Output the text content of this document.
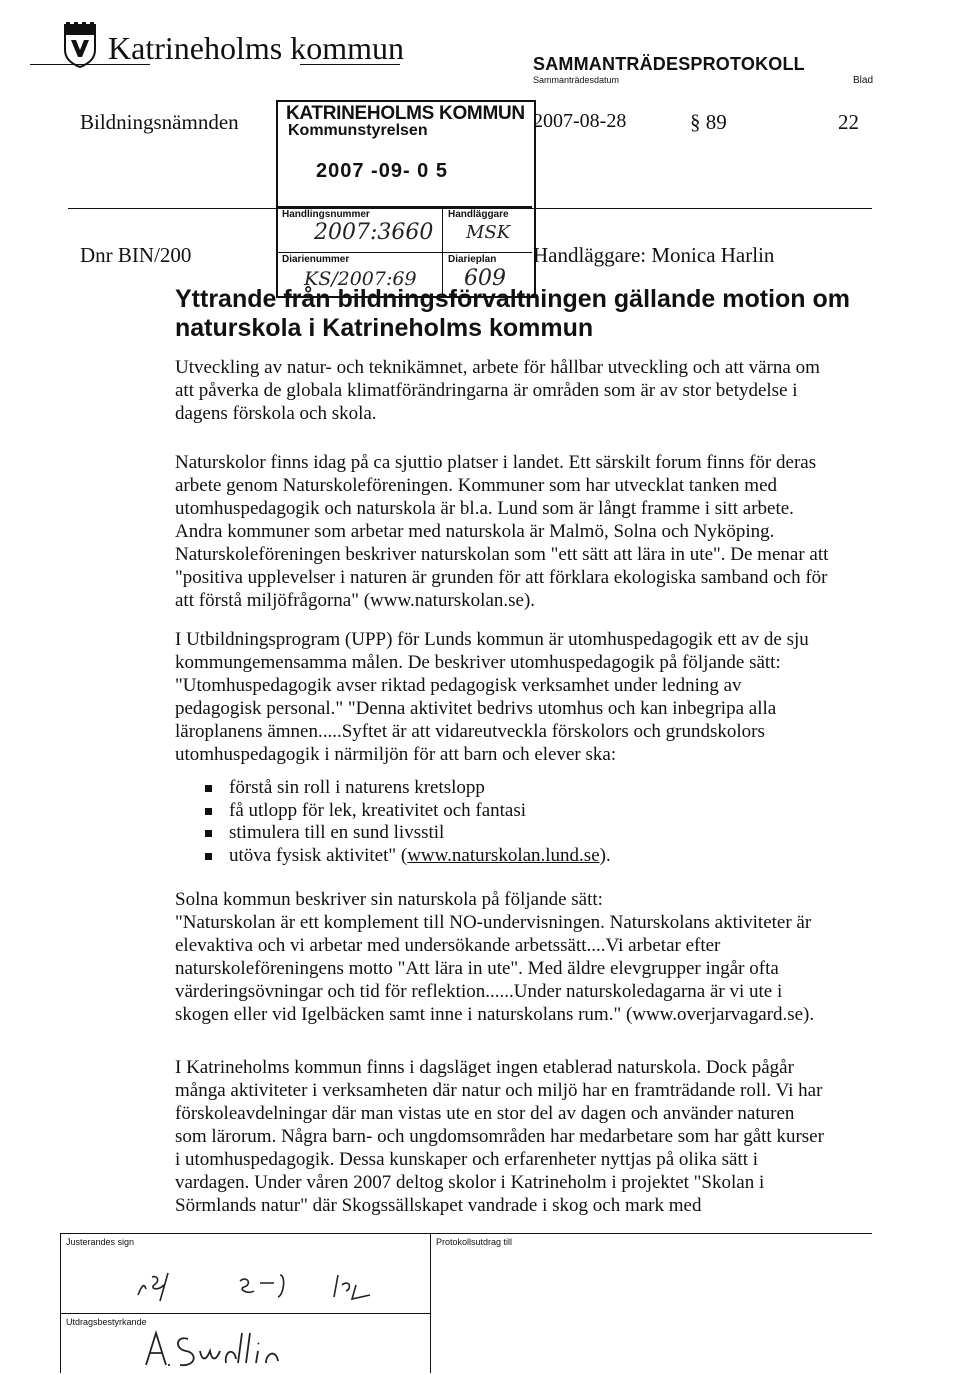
Katrineholms kommun	SAMMANTRÄDESPROTOKOLL
Sammanträdesdatum	Blad
Bildningsnämnden	2007-08-28	§ 89	22
Dnr BIN/200	Handläggare: Monica Harlin
KATRINEHOLMS KOMMUN
Kommunstyrelsen
2007 -09- 0 5
Handlingsnummer
2007:3660
Handläggare
MSK
Diarienummer
KS/2007:69
Diarieplan
609
Yttrande från bildningsförvaltningen gällande motion om naturskola i Katrineholms kommun

Utveckling av natur- och teknikämnet, arbete för hållbar utveckling och att värna om
att påverka de globala klimatförändringarna är områden som är av stor betydelse i
dagens förskola och skola.

Naturskolor finns idag på ca sjuttio platser i landet. Ett särskilt forum finns för deras
arbete genom Naturskoleföreningen. Kommuner som har utvecklat tanken med
utomhuspedagogik och naturskola är bl.a. Lund som är långt framme i sitt arbete.
Andra kommuner som arbetar med naturskola är Malmö, Solna och Nyköping.
Naturskoleföreningen beskriver naturskolan som "ett sätt att lära in ute". De menar att
"positiva upplevelser i naturen är grunden för att förklara ekologiska samband och för
att förstå miljöfrågorna" (www.naturskolan.se).

I Utbildningsprogram (UPP) för Lunds kommun är utomhuspedagogik ett av de sju
kommungemensamma målen. De beskriver utomhuspedagogik på följande sätt:
"Utomhuspedagogik avser riktad pedagogisk verksamhet under ledning av
pedagogisk personal." "Denna aktivitet bedrivs utomhus och kan inbegripa alla
läroplanens ämnen.....Syftet är att vidareutveckla förskolors och grundskolors
utomhuspedagogik i närmiljön för att barn och elever ska:

förstå sin roll i naturens kretslopp
få utlopp för lek, kreativitet och fantasi
stimulera till en sund livsstil
utöva fysisk aktivitet" (www.naturskolan.lund.se).

Solna kommun beskriver sin naturskola på följande sätt:
"Naturskolan är ett komplement till NO-undervisningen. Naturskolans aktiviteter är
elevaktiva och vi arbetar med undersökande arbetssätt....Vi arbetar efter
naturskoleföreningens motto "Att lära in ute". Med äldre elevgrupper ingår ofta
värderingsövningar och tid för reflektion......Under naturskoledagarna är vi ute i
skogen eller vid Igelbäcken samt inne i naturskolans rum." (www.overjarvagard.se).

I Katrineholms kommun finns i dagsläget ingen etablerad naturskola. Dock pågår
många aktiviteter i verksamheten där natur och miljö har en framträdande roll. Vi har
förskoleavdelningar där man vistas ute en stor del av dagen och använder naturen
som lärorum. Några barn- och ungdomsområden har medarbetare som har gått kurser
i utomhuspedagogik. Dessa kunskaper och erfarenheter nyttjas på olika sätt i
vardagen. Under våren 2007 deltog skolor i Katrineholm i projektet "Skolan i
Sörmlands natur" där Skogssällskapet vandrade i skog och mark med

Justerandes sign	Protokollsutdrag till
Utdragsbestyrkande
